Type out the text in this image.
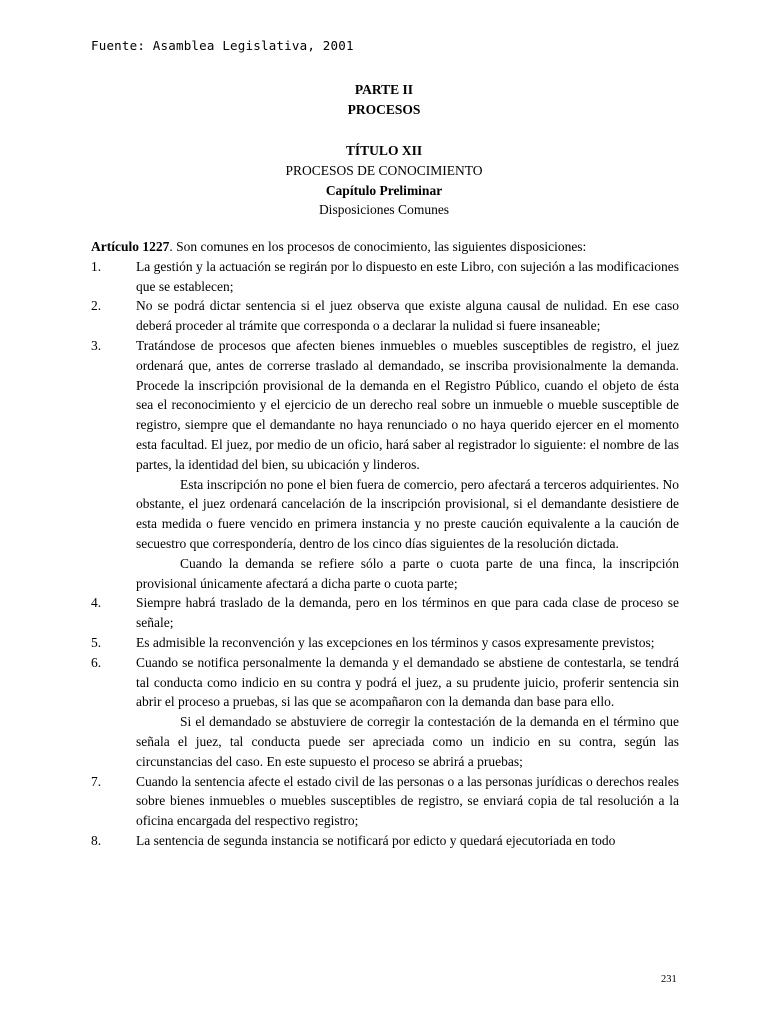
Fuente: Asamblea Legislativa, 2001
PARTE II
PROCESOS
TÍTULO XII
PROCESOS DE CONOCIMIENTO
Capítulo Preliminar
Disposiciones Comunes

Artículo 1227. Son comunes en los procesos de conocimiento, las siguientes disposiciones:

1.	La gestión y la actuación se regirán por lo dispuesto en este Libro, con sujeción a las modificaciones que se establecen;
2.	No se podrá dictar sentencia si el juez observa que existe alguna causal de nulidad. En ese caso deberá proceder al trámite que corresponda o a declarar la nulidad si fuere insaneable;
3.	Tratándose de procesos que afecten bienes inmuebles o muebles susceptibles de registro, el juez ordenará que, antes de correrse traslado al demandado, se inscriba provisionalmente la demanda. Procede la inscripción provisional de la demanda en el Registro Público, cuando el objeto de ésta sea el reconocimiento y el ejercicio de un derecho real sobre un inmueble o mueble susceptible de registro, siempre que el demandante no haya renunciado o no haya querido ejercer en el momento esta facultad. El juez, por medio de un oficio, hará saber al registrador lo siguiente: el nombre de las partes, la identidad del bien, su ubicación y linderos.

Esta inscripción no pone el bien fuera de comercio, pero afectará a terceros adquirientes. No obstante, el juez ordenará cancelación de la inscripción provisional, si el demandante desistiere de esta medida o fuere vencido en primera instancia y no preste caución equivalente a la caución de secuestro que correspondería, dentro de los cinco días siguientes de la resolución dictada.

Cuando la demanda se refiere sólo a parte o cuota parte de una finca, la inscripción provisional únicamente afectará a dicha parte o cuota parte;

4.	Siempre habrá traslado de la demanda, pero en los términos en que para cada clase de proceso se señale;
5.	Es admisible la reconvención y las excepciones en los términos y casos expresamente previstos;
6.	Cuando se notifica personalmente la demanda y el demandado se abstiene de contestarla, se tendrá tal conducta como indicio en su contra y podrá el juez, a su prudente juicio, proferir sentencia sin abrir el proceso a pruebas, si las que se acompañaron con la demanda dan base para ello.

Si el demandado se abstuviere de corregir la contestación de la demanda en el término que señala el juez, tal conducta puede ser apreciada como un indicio en su contra, según las circunstancias del caso. En este supuesto el proceso se abrirá a pruebas;

7.	Cuando la sentencia afecte el estado civil de las personas o a las personas jurídicas o derechos reales sobre bienes inmuebles o muebles susceptibles de registro, se enviará copia de tal resolución a la oficina encargada del respectivo registro;
8.	La sentencia de segunda instancia se notificará por edicto y quedará ejecutoriada en todo
231
